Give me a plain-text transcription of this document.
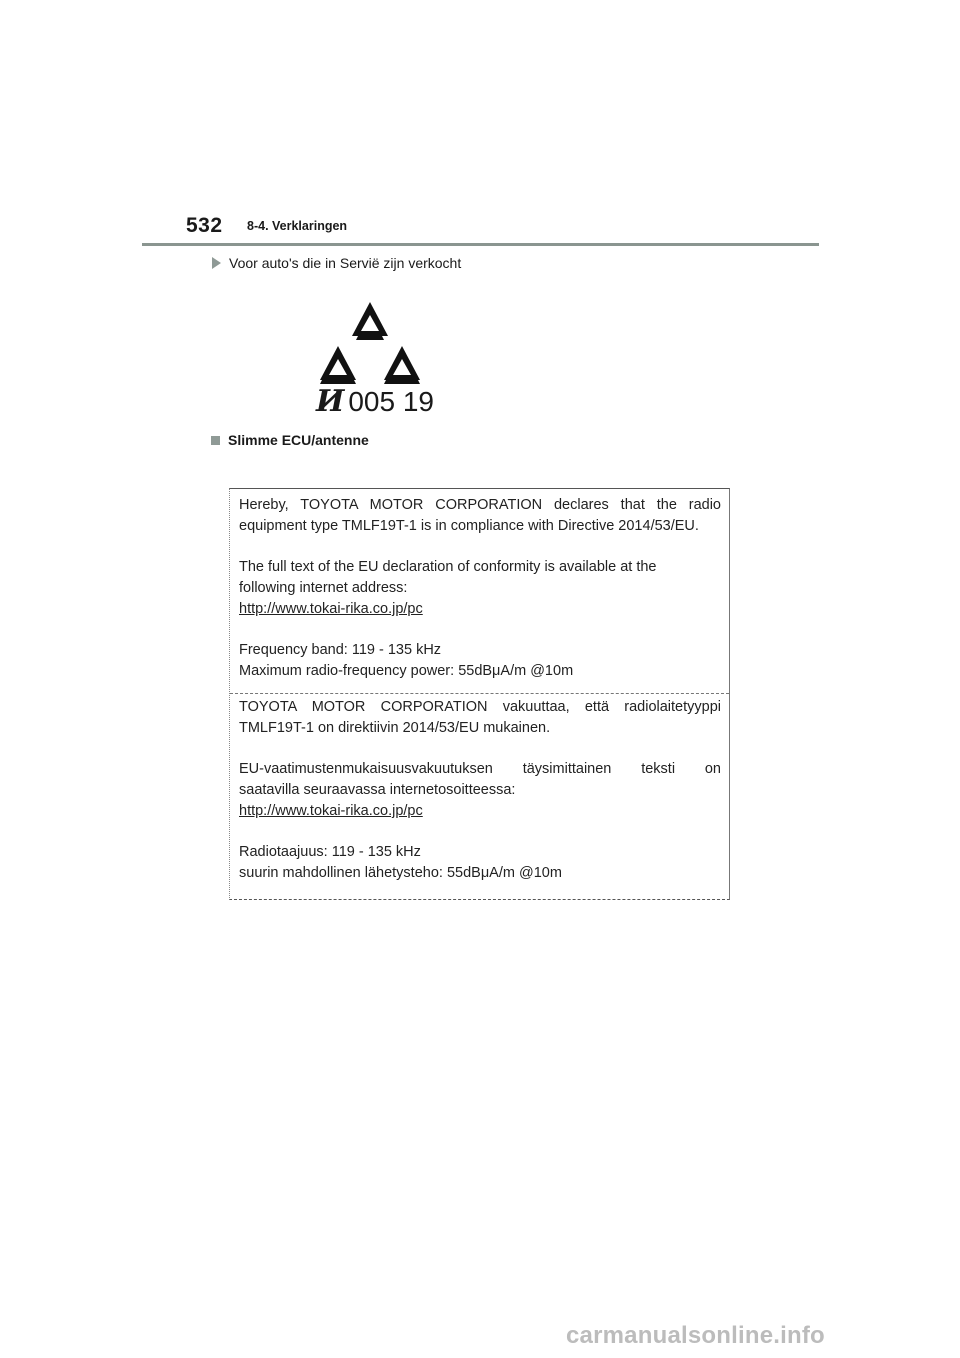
532 8-4. Verklaringen
Voor auto's die in Servië zijn verkocht
И 005 19
Slimme ECU/antenne

Hereby, TOYOTA MOTOR CORPORATION declares that the radio

equipment type TMLF19T-1 is in compliance with Directive 2014/53/EU.

The full text of the EU declaration of conformity is available at the

following internet address:

http://www.tokai-rika.co.jp/pc

Frequency band: 119 - 135 kHz

Maximum radio-frequency power: 55dBμA/m @10m

TOYOTA MOTOR CORPORATION vakuuttaa, että radiolaitetyyppi

TMLF19T-1 on direktiivin 2014/53/EU mukainen.

EU-vaatimustenmukaisuusvakuutuksen täysimittainen teksti on

saatavilla seuraavassa internetosoitteessa:

http://www.tokai-rika.co.jp/pc

Radiotaajuus: 119 - 135 kHz

suurin mahdollinen lähetysteho: 55dBμA/m @10m

carmanualsonline.info
